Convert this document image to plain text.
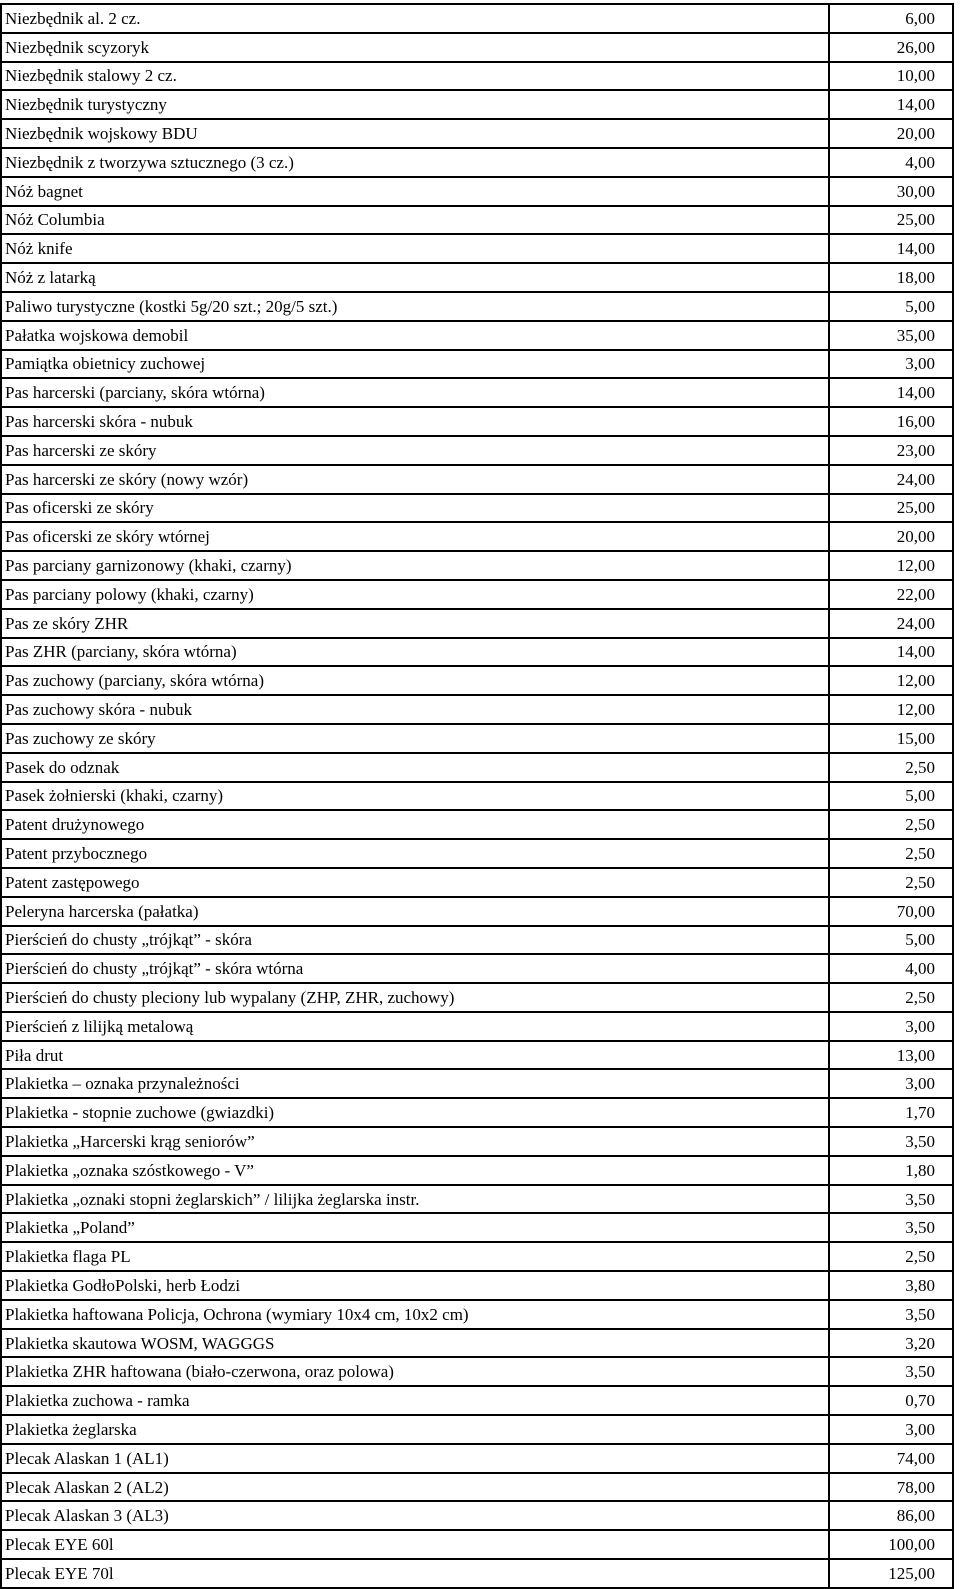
Niezbędnik al. 2 cz.	6,00
Niezbędnik scyzoryk	26,00
Niezbędnik stalowy 2 cz.	10,00
Niezbędnik turystyczny	14,00
Niezbędnik wojskowy BDU	20,00
Niezbędnik z tworzywa sztucznego (3 cz.)	4,00
Nóż bagnet	30,00
Nóż Columbia	25,00
Nóż knife	14,00
Nóż z latarką	18,00
Paliwo turystyczne (kostki 5g/20 szt.; 20g/5 szt.)	5,00
Pałatka wojskowa demobil	35,00
Pamiątka obietnicy zuchowej	3,00
Pas harcerski (parciany, skóra wtórna)	14,00
Pas harcerski skóra - nubuk	16,00
Pas harcerski ze skóry	23,00
Pas harcerski ze skóry (nowy wzór)	24,00
Pas oficerski ze skóry	25,00
Pas oficerski ze skóry wtórnej	20,00
Pas parciany garnizonowy (khaki, czarny)	12,00
Pas parciany polowy (khaki, czarny)	22,00
Pas ze skóry ZHR	24,00
Pas ZHR (parciany, skóra wtórna)	14,00
Pas zuchowy (parciany, skóra wtórna)	12,00
Pas zuchowy skóra - nubuk	12,00
Pas zuchowy ze skóry	15,00
Pasek do odznak	2,50
Pasek żołnierski (khaki, czarny)	5,00
Patent drużynowego	2,50
Patent przybocznego	2,50
Patent zastępowego	2,50
Peleryna harcerska (pałatka)	70,00
Pierścień do chusty „trójkąt” - skóra	5,00
Pierścień do chusty „trójkąt” - skóra wtórna	4,00
Pierścień do chusty pleciony lub wypalany (ZHP, ZHR, zuchowy)	2,50
Pierścień z lilijką metalową	3,00
Piła drut	13,00
Plakietka – oznaka przynależności	3,00
Plakietka - stopnie zuchowe (gwiazdki)	1,70
Plakietka „Harcerski krąg seniorów”	3,50
Plakietka „oznaka szóstkowego - V”	1,80
Plakietka „oznaki stopni żeglarskich” / lilijka żeglarska instr.	3,50
Plakietka „Poland”	3,50
Plakietka flaga PL	2,50
Plakietka GodłoPolski, herb Łodzi	3,80
Plakietka haftowana Policja, Ochrona (wymiary 10x4 cm, 10x2 cm)	3,50
Plakietka skautowa WOSM, WAGGGS	3,20
Plakietka ZHR haftowana (biało-czerwona, oraz polowa)	3,50
Plakietka zuchowa - ramka	0,70
Plakietka żeglarska	3,00
Plecak Alaskan 1 (AL1)	74,00
Plecak Alaskan 2 (AL2)	78,00
Plecak Alaskan 3 (AL3)	86,00
Plecak EYE 60l	100,00
Plecak EYE 70l	125,00
